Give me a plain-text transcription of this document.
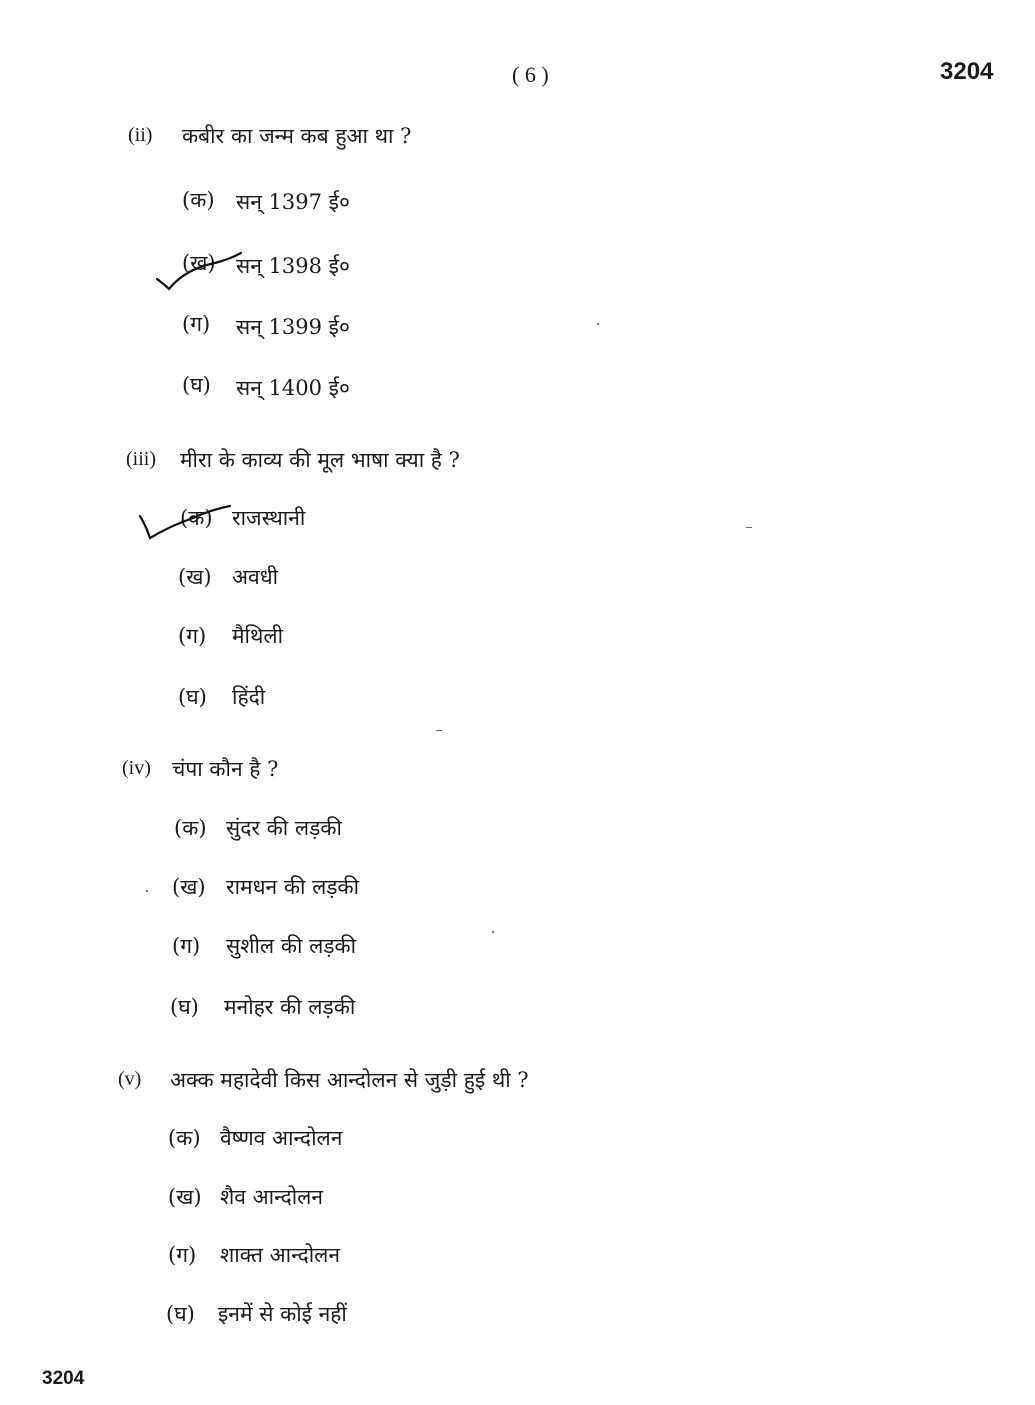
( 6 )	3204
(ii) कबीर का जन्म कब हुआ था ?
(क) सन् 1397 ई०
(ख) सन् 1398 ई०
(ग) सन् 1399 ई०
(घ) सन् 1400 ई०
(iii) मीरा के काव्य की मूल भाषा क्या है ?
(क) राजस्थानी
(ख) अवधी
(ग) मैथिली
(घ) हिंदी
(iv) चंपा कौन है ?
(क) सुंदर की लड़की
(ख) रामधन की लड़की
(ग) सुशील की लड़की
(घ) मनोहर की लड़की
(v) अक्क महादेवी किस आन्दोलन से जुड़ी हुई थी ?
(क) वैष्णव आन्दोलन
(ख) शैव आन्दोलन
(ग) शाक्त आन्दोलन
(घ) इनमें से कोई नहीं
3204
